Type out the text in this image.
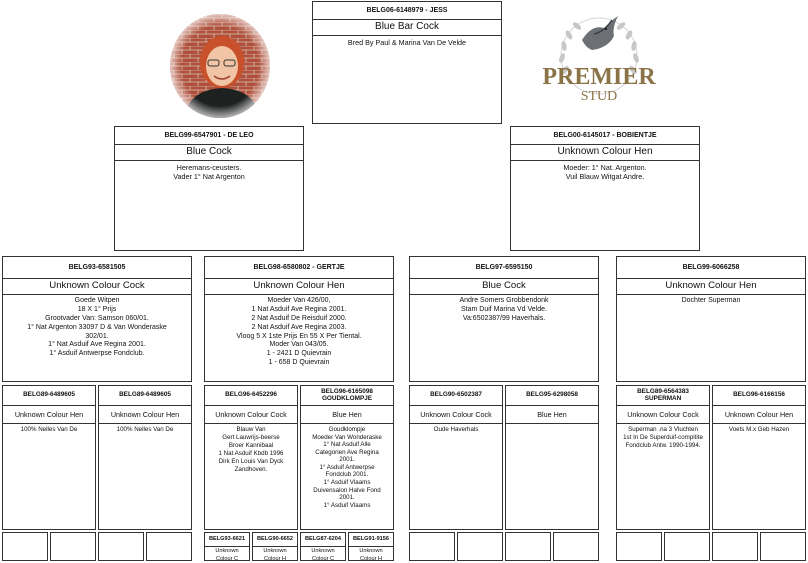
BELG06-6148979 - JESS
Blue Bar Cock
Bred By Paul & Marina Van De Velde
PREMIER
STUD
BELG99-6547901 - DE LEO
Blue Cock
Heremans-ceusters.
Vader 1° Nat Argenton
BELG00-6145017 - BOBIENTJE
Unknown Colour Hen
Moeder: 1° Nat. Argenton.
Vuil Blauw Witgat Andre.
BELG93-6581505
Unknown Colour Cock
Goede Witpen
18 X 1° Prijs
Grootvader Van: Samson 060/01.
1° Nat Argenton 33097 D & Van Wonderaske
302/01.
1° Nat Asduif Ave Regina 2001.
1° Asduif Antwerpse Fondclub.
BELG98-6580802 - GERTJE
Unknown Colour Hen
Moeder Van 426/00,
1 Nat Asduif Ave Regina 2001.
2 Nat Asduif De Reisduif 2000.
2 Nat Asduif Ave Regina 2003.
Vloog 5 X 1ste Prijs En 55 X Per Tiental.
Moder Van 043/05.
1 - 2421 D Quievrain
1 - 658 D Quievrain
BELG97-6595150
Blue Cock
Andre Somers Grobbendonk
Stam Duif Marina Vd Velde.
Va:6502387/99 Haverhals.
BELG99-6066258
Unknown Colour Hen
Dochter Superman
BELG89-6489605
Unknown Colour Hen
100% Nelles Van De
BELG89-6489605
Unknown Colour Hen
100% Nelles Van De
BELG96-6452296
Unknown Colour Cock
Blauw Van
Gert Lauwrijs-beerse
Broer Kannibaal
1 Nat Asduif Kbdb 1996
Dirk En Louis Van Dyck
Zandhoven.
BELG96-6165098
GOUDKLOMPJE
Blue Hen
Goudklompje
Moeder Van Wonderaske
1° Nat Asduif Alle
Categorien Ave Regina
2001.
1° Asduif Antwerpse
Fondclub 2001.
1° Asduif Vlaams
Duivensalon Halve Fond
2001.
1° Asduif Vlaams
BELG90-6502387
Unknown Colour Cock
Oude Haverhals
BELG95-6298058
Blue Hen
BELG89-6564383
SUPERMAN
Unknown Colour Cock
Superman .na 3 Vluchten
1st In De Superduif-compitite
Fondclub Antw. 1990-1994.
BELG96-6166156
Unknown Colour Hen
Voets M.x Geb Hazen
BELG93-6621
Unknown
Colour C
BELG90-6652
Unknown
Colour H
BELG87-6204
Unknown
Colour C
BELG91-9156
Unknown
Colour H
